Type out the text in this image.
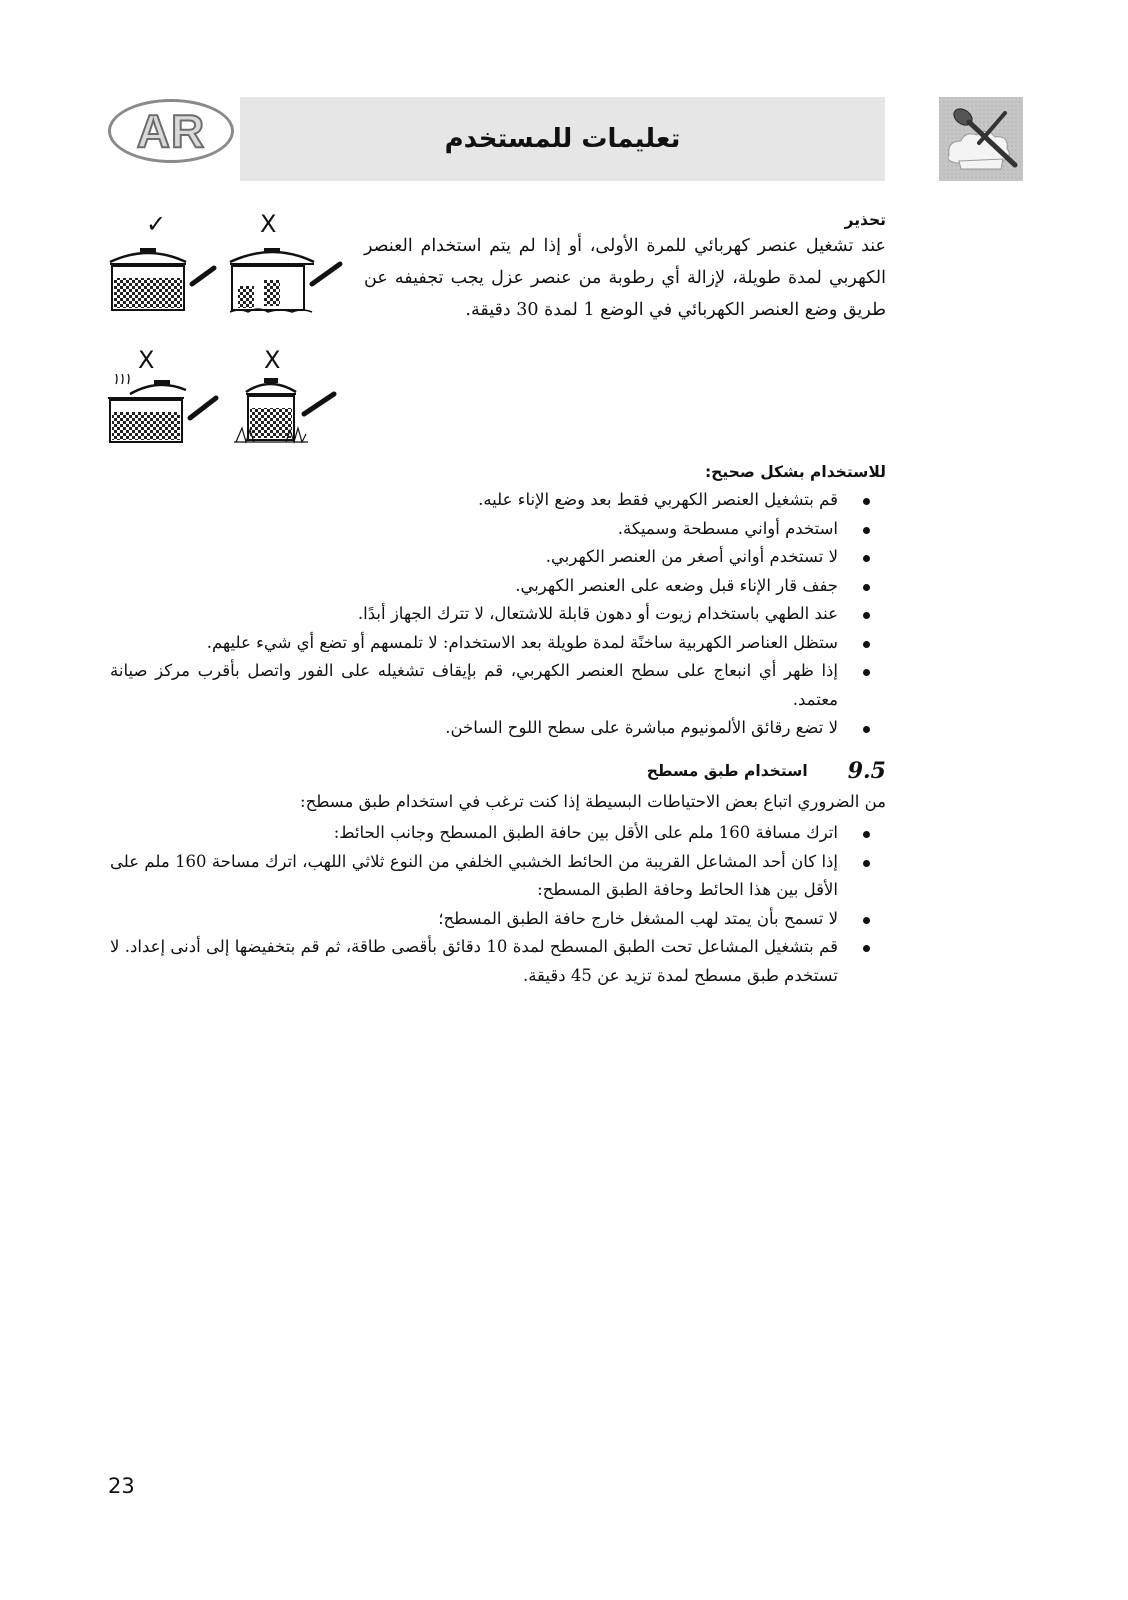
AR	تعليمات للمستخدم
✓	X
X	X
تحذير

عند تشغيل عنصر كهربائي للمرة الأولى، أو إذا لم يتم استخدام العنصر الكهربي لمدة طويلة، لإزالة أي رطوبة من عنصر عزل يجب تجفيفه عن طريق وضع العنصر الكهربائي في الوضع 1 لمدة 30 دقيقة.

للاستخدام بشكل صحيح:
قم بتشغيل العنصر الكهربي فقط بعد وضع الإناء عليه.
استخدم أواني مسطحة وسميكة.
لا تستخدم أواني أصغر من العنصر الكهربي.
جفف قار الإناء قبل وضعه على العنصر الكهربي.
عند الطهي باستخدام زيوت أو دهون قابلة للاشتعال، لا تترك الجهاز أبدًا.
ستظل العناصر الكهربية ساخنًة لمدة طويلة بعد الاستخدام: لا تلمسهم أو تضع أي شيء عليهم.
إذا ظهر أي انبعاج على سطح العنصر الكهربي، قم بإيقاف تشغيله على الفور واتصل بأقرب مركز صيانة معتمد.
لا تضع رقائق الألمونيوم مباشرة على سطح اللوح الساخن.
9.5
استخدام طبق مسطح

من الضروري اتباع بعض الاحتياطات البسيطة إذا كنت ترغب في استخدام طبق مسطح:

اترك مسافة 160 ملم على الأقل بين حافة الطبق المسطح وجانب الحائط:
إذا كان أحد المشاعل القريبة من الحائط الخشبي الخلفي من النوع ثلاثي اللهب، اترك مساحة 160 ملم على الأقل بين هذا الحائط وحافة الطبق المسطح:
لا تسمح بأن يمتد لهب المشغل خارج حافة الطبق المسطح؛
قم بتشغيل المشاعل تحت الطبق المسطح لمدة 10 دقائق بأقصى طاقة، ثم قم بتخفيضها إلى أدنى إعداد. لا تستخدم طبق مسطح لمدة تزيد عن 45 دقيقة.
23
